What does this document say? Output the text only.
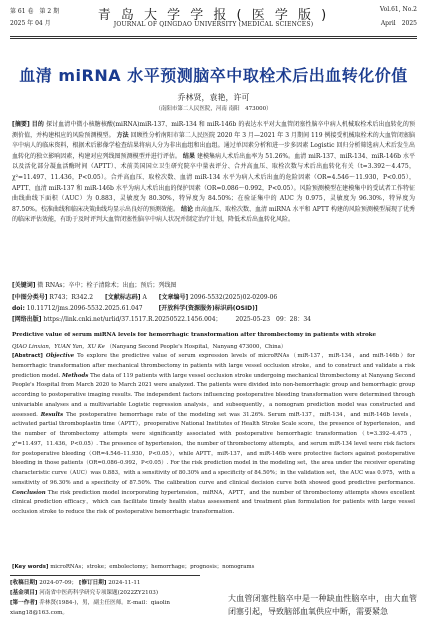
第 61 卷　第 2 期
2025 年 04 月
青 岛 大 学 学 报 ( 医 学 版 )
JOURNAL OF QINGDAO UNIVERSITY (MEDICAL SCIENCES)
Vol.61, No.2
April　2025
血清 miRNA 水平预测脑卒中取栓术后出血转化价值
乔林贤，袁艳，许可
（南阳市第二人民医院，河南 南阳　473000）
[摘要] 目的 探讨血清中微小核糖核酸(miRNA)miR-137、miR-134 和 miR-146b 的表达水平对大血管闭塞性脑卒中病人机械取栓术后出血转化的预测价值，并构建相应的风险预测模型。 方法 回顾性分析南阳市第二人民医院 2020 年 3 月—2021 年 3 月期间 119 例接受机械取栓术的大血管闭塞脑卒中病人的临床资料，根据术后影像学检查结果将病人分为非出血组和出血组。通过单因素分析和进一步多因素 Logistic 回归分析筛选病人术后发生出血转化的独立影响因素，构建对应列线图预测模型并进行评估。 结果 建模集病人术后出血率为 51.26%。血清 miR-137、miR-134、miR-146b 水平以及活化部分凝血活酶时间（APTT）、术前美国国立卫生研究院卒中量表评分、合并高血压、取栓次数与术后出血转化有关（t=3.392～4.475，χ²=11.497、11.436，P<0.05）。合并高血压、取栓次数、血清 miR-134 水平为病人术后出血的危险因素（OR=4.546～11.930，P<0.05），APTT、血清 miR-137 和 miR-146b 水平为病人术后出血的保护因素（OR=0.086～0.992，P<0.05）。风险预测模型在建模集中的受试者工作特征曲线曲线下面积（AUC）为 0.883，灵敏度为 80.30%，特异度为 84.50%；在验证集中的 AUC 为 0.975，灵敏度为 96.30%，特异度为 87.50%。校准曲线和临床决策曲线均显示出良好的预测效能。 结论 由高血压、取栓次数、血清 miRNA 水平和 APTT 构建的风险预测模型展现了优秀的临床评估效能，有助于及时评判大血管闭塞性脑卒中病人状况并制定治疗计划，降低术后出血转化风险。
[关键词] 微 RNAs；卒中；栓子清除术；出血；预后；列线图
[中图分类号] R743；R342.2 [文献标志码] A [文章编号] 2096-5532(2025)02-0209-06
doi: 10.11712/jms.2096-5532.2025.61.047	[开放科学(资源服务)标识码(OSID)]
[网络出版] https://link.cnki.net/urlid/37.1517.R.20250522.1456.004； 2025-05-23　09：28：34
Predictive value of serum miRNA levels for hemorrhagic transformation after thrombectomy in patients with stroke
QIAO Linxian，YUAN Yan，XU Ke （Nanyang Second People's Hospital，Nanyang 473000，China）
[Abstract] Objective To explore the predictive value of serum expression levels of microRNAs（miR-137，miR-134，and miR-146b）for hemorrhagic transformation after mechanical thrombectomy in patients with large vessel occlusion stroke，and to construct and validate a risk prediction model. Methods The data of 119 patients with large vessel occlusion stroke undergoing mechanical thrombectomy at Nanyang Second People's Hospital from March 2020 to March 2021 were analyzed. The patients were divided into non-hemorrhagic group and hemorrhagic group according to postoperative imaging results. The independent factors influencing postoperative bleeding transformation were determined through univariable analyses and a multivariable Logistic regression analysis，and subsequently，a nomogram prediction model was constructed and assessed. Results The postoperative hemorrhage rate of the modeling set was 31.26%. Serum miR-137，miR-134，and miR-146b levels，activated partial thromboplastin time（APTT），preoperative National Institutes of Health Stroke Scale score，the presence of hypertension，and the number of thrombectomy attempts were significantly associated with postoperative hemorrhagic transformation（t=3.392–4.475，χ²=11.497，11.436，P<0.05）. The presence of hypertension，the number of thrombectomy attempts，and serum miR-134 level were risk factors for postoperative bleeding（OR=4.546–11.930，P<0.05），while APTT，miR-137，and miR-146b were protective factors against postoperative bleeding in those patients（OR=0.086–0.992，P<0.05）. For the risk prediction model in the modeling set，the area under the receiver operating characteristic curve（AUC）was 0.883，with a sensitivity of 80.30% and a specificity of 84.50%；in the validation set，the AUC was 0.975，with a sensitivity of 96.30% and a specificity of 87.50%. The calibration curve and clinical decision curve both showed good predictive performance. Conclusion The risk prediction model incorporating hypertension，miRNA，APTT，and the number of thrombectomy attempts shows excellent clinical prediction efficacy，which can facilitate timely health status assessment and treatment plan formulation for patients with large vessel occlusion stroke to reduce the risk of postoperative hemorrhagic transformation.
[Key words] microRNAs；stroke；embolectomy；hemorrhage；prognosis；nomograms
[收稿日期] 2024-07-09； [修订日期] 2024-11-11
[基金项目] 河南省中医药科学研究专项课题(2022ZY2103)
[第一作者] 乔林贤(1984-)，男，副主任医师。E-mail：qiaolin
xiang18@163.com。
大血管闭塞性脑卒中是一种缺血性脑卒中，由大血管闭塞引起，导致脑部血氧供应中断，需要紧急
